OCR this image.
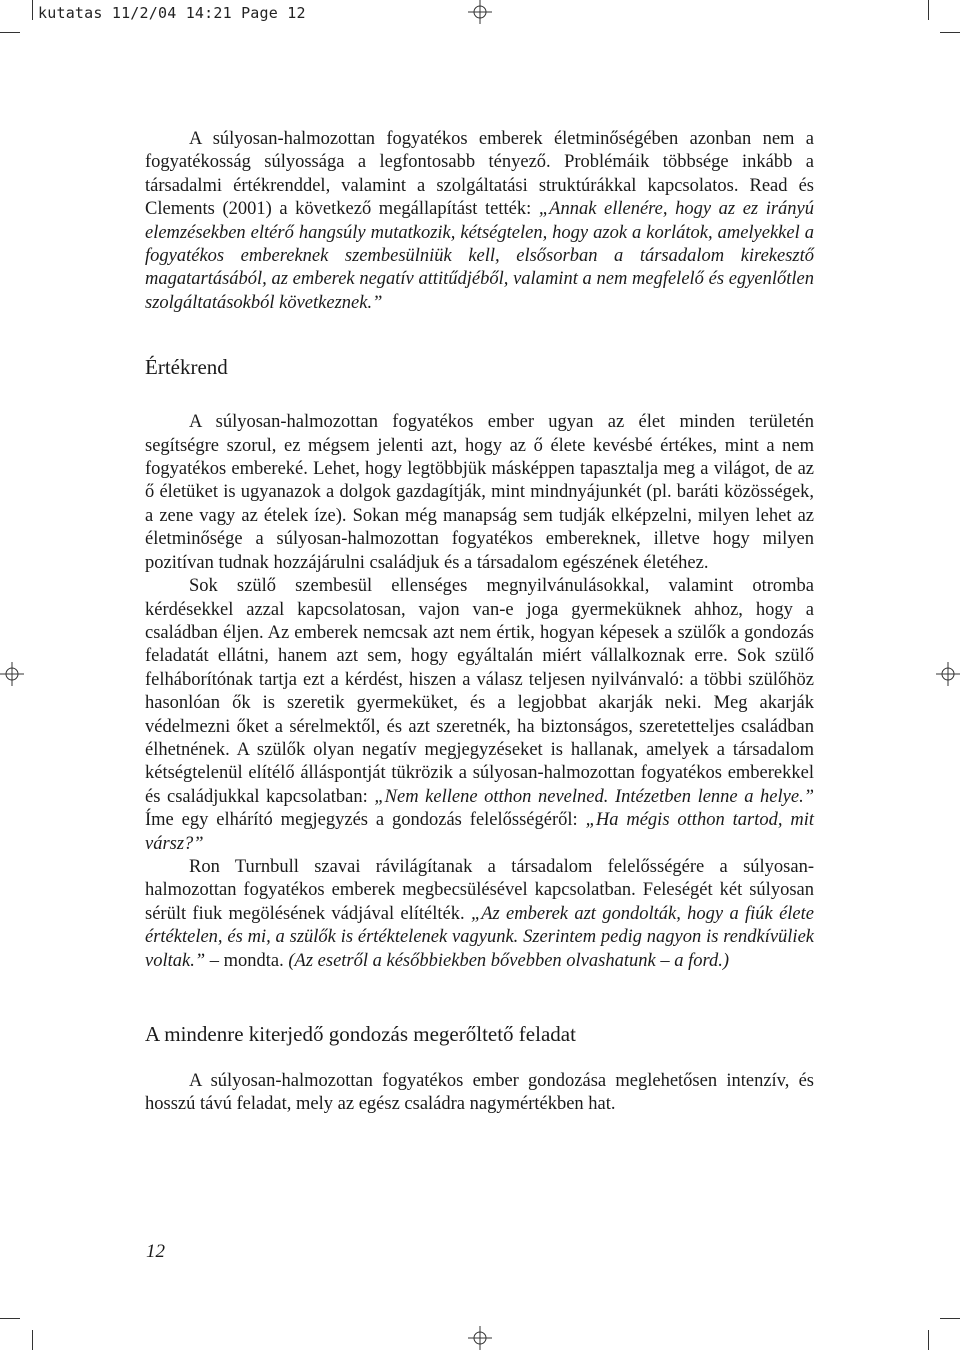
kutatas 11/2/04 14:21 Page 12

A súlyosan-halmozottan fogyatékos emberek életminőségében azonban nem a fogyatékosság súlyossága a legfontosabb tényező. Problémáik többsége inkább a társadalmi értékrenddel, valamint a szolgáltatási struktúrákkal kapcsolatos. Read és Clements (2001) a következő megállapítást tették: „Annak ellenére, hogy az ez irányú elemzésekben eltérő hangsúly mutatkozik, kétségtelen, hogy azok a korlátok, amelyekkel a fogyatékos embereknek szembesülniük kell, elsősorban a társadalom kirekesztő magatartásából, az emberek negatív attitűdjéből, valamint a nem megfelelő és egyenlőtlen szolgáltatásokból következnek.”

Értékrend

A súlyosan-halmozottan fogyatékos ember ugyan az élet minden területén segítségre szorul, ez mégsem jelenti azt, hogy az ő élete kevésbé értékes, mint a nem fogyatékos embereké. Lehet, hogy legtöbbjük másképpen tapasztalja meg a világot, de az ő életüket is ugyanazok a dolgok gazdagítják, mint mindnyájunkét (pl. baráti közösségek, a zene vagy az ételek íze). Sokan még manapság sem tudják elképzelni, milyen lehet az életminősége a súlyosan-halmozottan fogyatékos embereknek, illetve hogy milyen pozitívan tudnak hozzájárulni családjuk és a társadalom egészének életéhez.

Sok szülő szembesül ellenséges megnyilvánulásokkal, valamint otromba kérdésekkel azzal kapcsolatosan, vajon van-e joga gyermeküknek ahhoz, hogy a családban éljen. Az emberek nemcsak azt nem értik, hogyan képesek a szülők a gondozás feladatát ellátni, hanem azt sem, hogy egyáltalán miért vállalkoznak erre. Sok szülő felháborítónak tartja ezt a kérdést, hiszen a válasz teljesen nyilvánvaló: a többi szülőhöz hasonlóan ők is szeretik gyermeküket, és a legjobbat akarják neki. Meg akarják védelmezni őket a sérelmektől, és azt szeretnék, ha biztonságos, szeretetteljes családban élhetnének. A szülők olyan negatív megjegyzéseket is hallanak, amelyek a társadalom kétségtelenül elítélő álláspontját tükrözik a súlyosan-halmozottan fogyatékos emberekkel és családjukkal kapcsolatban: „Nem kellene otthon nevelned. Intézetben lenne a helye.” Íme egy elhárító megjegyzés a gondozás felelősségéről: „Ha mégis otthon tartod, mit vársz?”

Ron Turnbull szavai rávilágítanak a társadalom felelősségére a súlyosan-halmozottan fogyatékos emberek megbecsülésével kapcsolatban. Feleségét két súlyosan sérült fiuk megölésének vádjával elítélték. „Az emberek azt gondolták, hogy a fiúk élete értéktelen, és mi, a szülők is értéktelenek vagyunk. Szerintem pedig nagyon is rendkívüliek voltak.” – mondta. (Az esetről a későbbiekben bővebben olvashatunk – a ford.)

A mindenre kiterjedő gondozás megerőltető feladat

A súlyosan-halmozottan fogyatékos ember gondozása meglehetősen intenzív, és hosszú távú feladat, mely az egész családra nagymértékben hat.

12
